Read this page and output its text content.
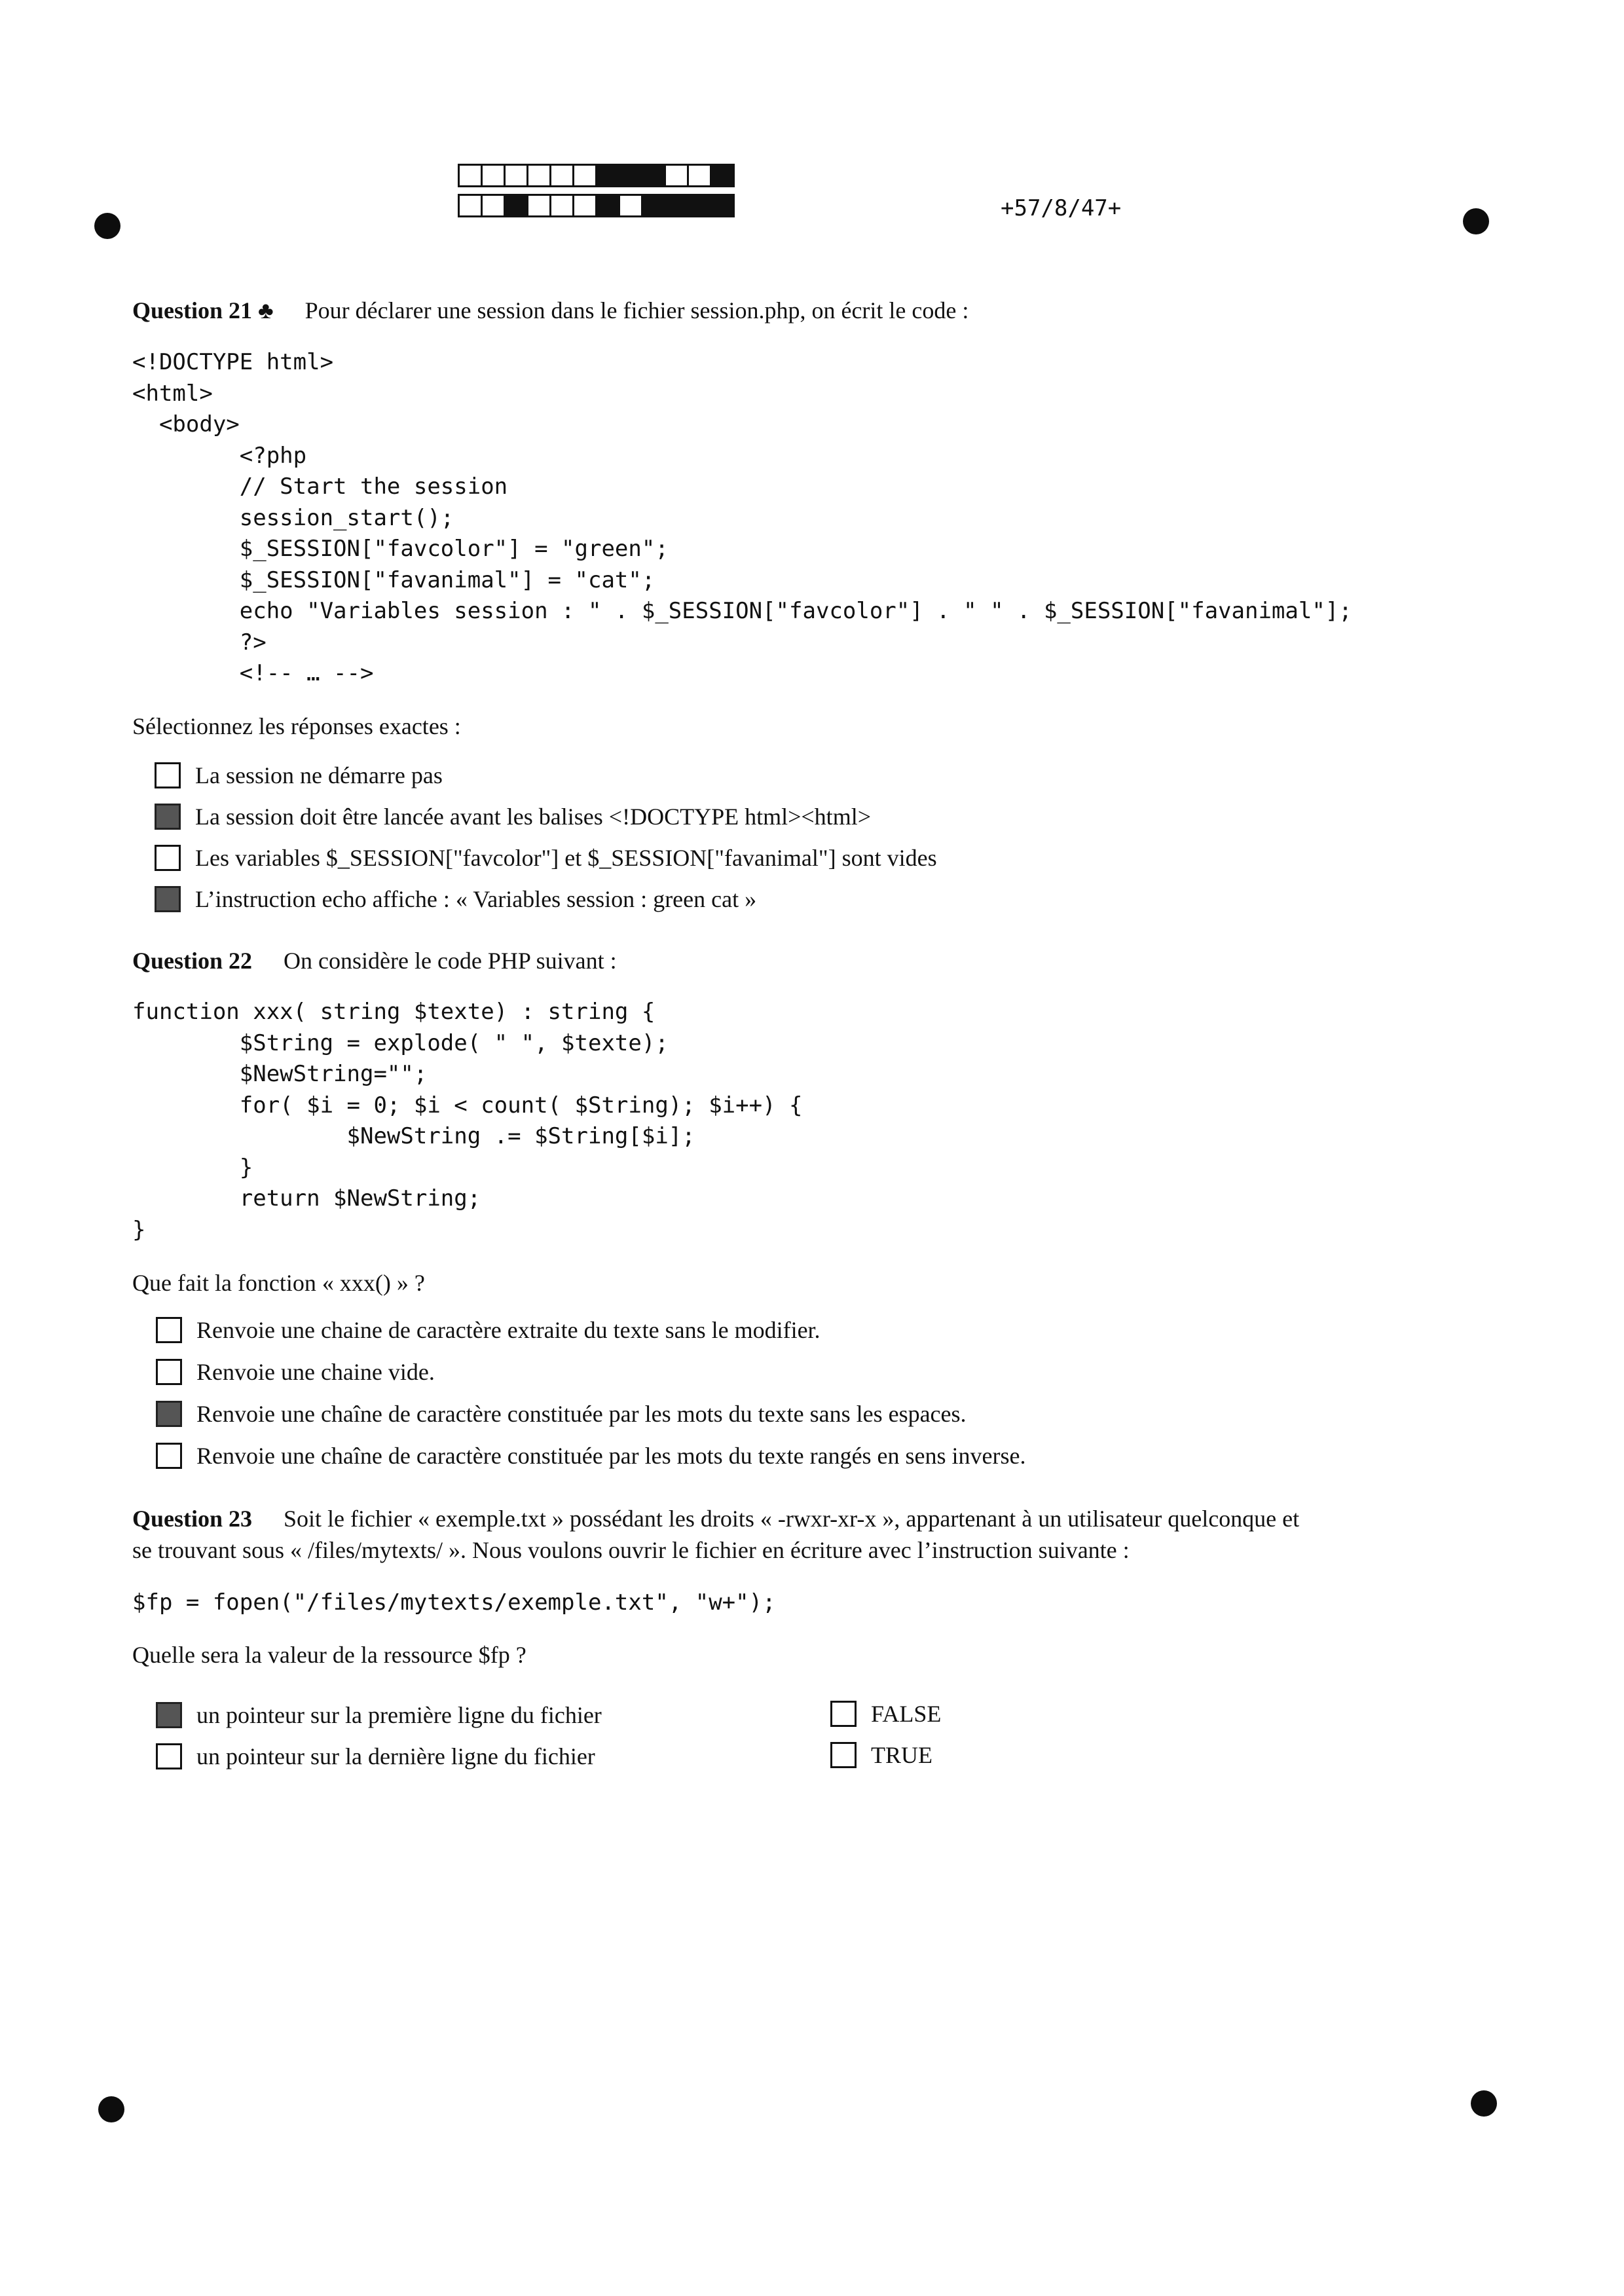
+57/8/47+
Question 21 ♣ Pour déclarer une session dans le fichier session.php, on écrit le code :
<!DOCTYPE html>
<html>
<body>
<?php
// Start the session
session_start();
$_SESSION["favcolor"] = "green";
$_SESSION["favanimal"] = "cat";
echo "Variables session : " . $_SESSION["favcolor"] . " " . $_SESSION["favanimal"];
?>
<!-- … -->
Sélectionnez les réponses exactes :
La session ne démarre pas
La session doit être lancée avant les balises <!DOCTYPE html><html>
Les variables $_SESSION["favcolor"] et $_SESSION["favanimal"] sont vides
L’instruction echo affiche : « Variables session : green cat »
Question 22 On considère le code PHP suivant :
function xxx( string $texte) : string {
$String = explode( " ", $texte);
$NewString="";
for( $i = 0; $i < count( $String); $i++) {
$NewString .= $String[$i];
}
return $NewString;
}
Que fait la fonction « xxx() » ?
Renvoie une chaine de caractère extraite du texte sans le modifier.
Renvoie une chaine vide.
Renvoie une chaîne de caractère constituée par les mots du texte sans les espaces.
Renvoie une chaîne de caractère constituée par les mots du texte rangés en sens inverse.
Question 23 Soit le fichier « exemple.txt » possédant les droits « -rwxr-xr-x », appartenant à un utilisateur quelconque et
se trouvant sous « /files/mytexts/ ». Nous voulons ouvrir le fichier en écriture avec l’instruction suivante :
$fp = fopen("/files/mytexts/exemple.txt", "w+");
Quelle sera la valeur de la ressource $fp ?
un pointeur sur la première ligne du fichier
un pointeur sur la dernière ligne du fichier
FALSE
TRUE
